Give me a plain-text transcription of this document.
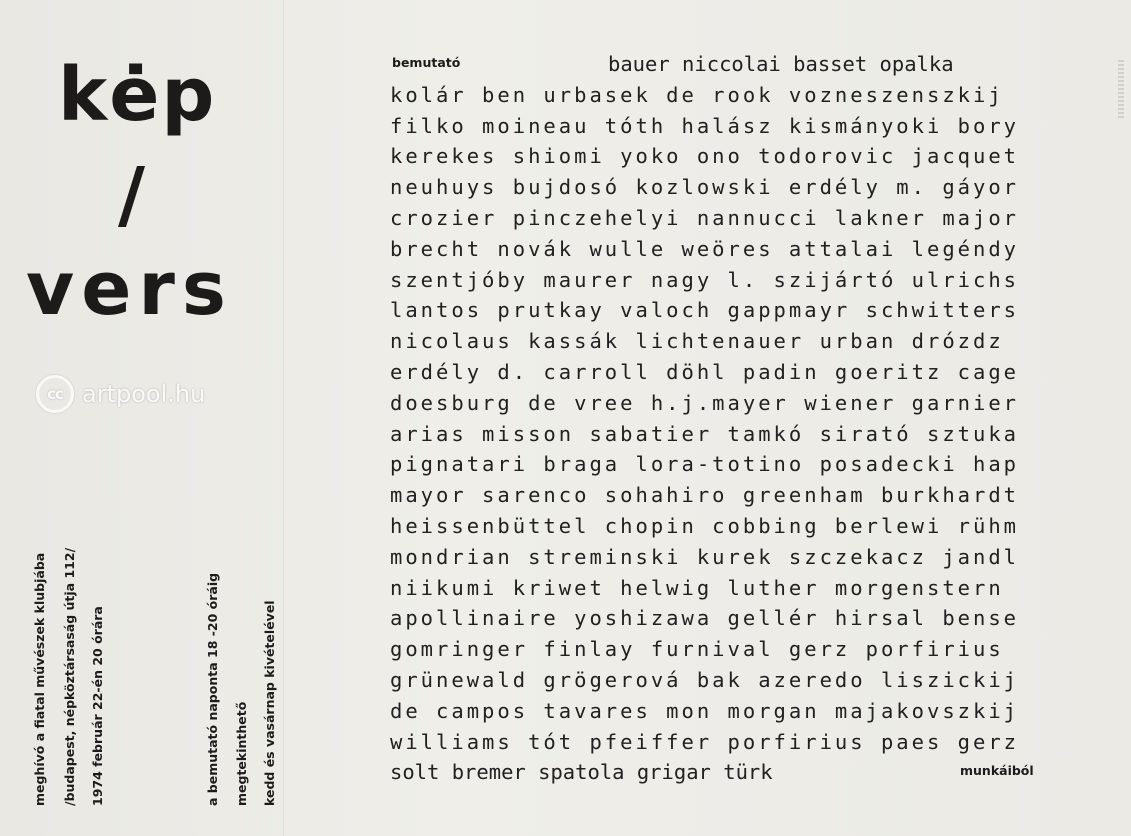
kėp
/
vers
cc artpool.hu
meghívó a fiatal művészek klubjába /budapest, népköztársaság útja 112/ 1974 február 22-én 20 órára	a bemutató naponta 18 -20 óráig megtekinthető kedd és vasárnap kivételével
bemutató
munkáiból
bauer niccolai basset opalka
kolár ben urbasek de rook vozneszenszkij
filko moineau tóth halász kismányoki bory
kerekes shiomi yoko ono todorovic jacquet
neuhuys bujdosó kozlowski erdély m. gáyor
crozier pinczehelyi nannucci lakner major
brecht novák wulle weöres attalai legéndy
szentjóby maurer nagy l. szijártó ulrichs
lantos prutkay valoch gappmayr schwitters
nicolaus kassák lichtenauer urban drózdz
erdély d. carroll döhl padin goeritz cage
doesburg de vree h.j.mayer wiener garnier
arias misson sabatier tamkó sirató sztuka
pignatari braga lora-totino posadecki hap
mayor sarenco sohahiro greenham burkhardt
heissenbüttel chopin cobbing berlewi rühm
mondrian streminski kurek szczekacz jandl
niikumi kriwet helwig luther morgenstern
apollinaire yoshizawa gellér hirsal bense
gomringer finlay furnival gerz porfirius
grünewald grögerová bak azeredo liszickij
de campos tavares mon morgan majakovszkij
williams tót pfeiffer porfirius paes gerz
solt bremer spatola grigar türk
